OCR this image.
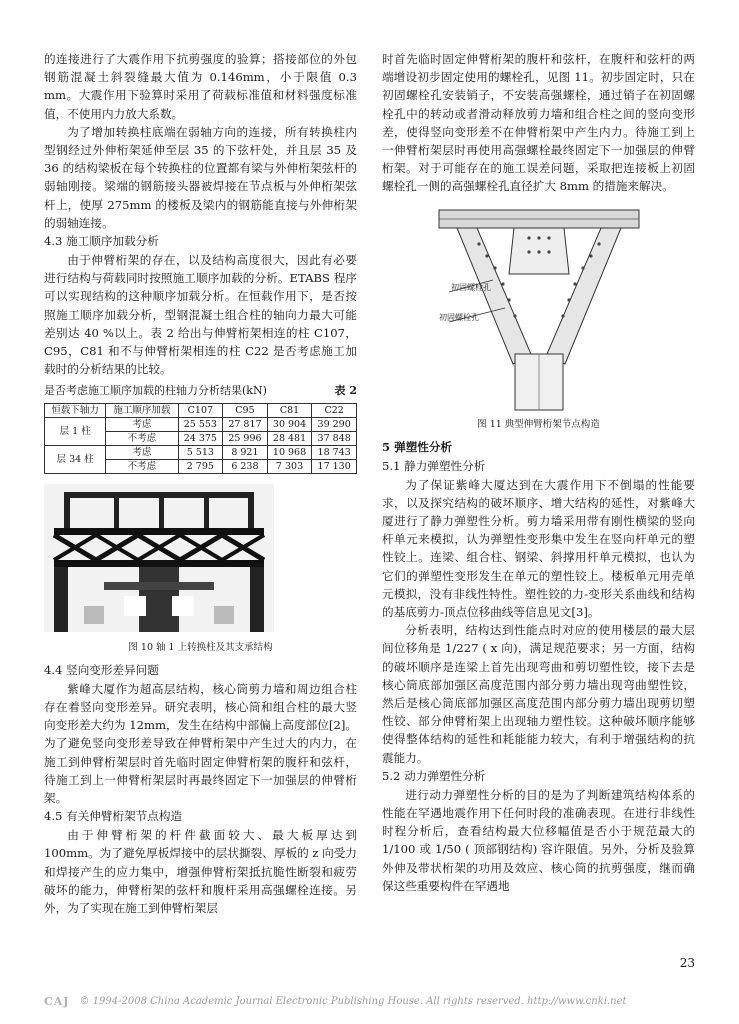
的连接进行了大震作用下抗剪强度的验算；搭接部位的外包钢筋混凝土斜裂缝最大值为 0.146mm，小于限值 0.3 mm。大震作用下验算时采用了荷载标准值和材料强度标准值，不使用内力放大系数。

为了增加转换柱底端在弱轴方向的连接，所有转换柱内型钢经过外伸桁架延伸至层 35 的下弦杆处，并且层 35 及 36 的结构梁板在每个转换柱的位置都有梁与外伸桁架弦杆的弱轴刚接。梁端的钢筋接头器被焊接在节点板与外伸桁架弦杆上，使厚 275mm 的楼板及梁内的钢筋能直接与外伸桁架的弱轴连接。

4.3 施工顺序加载分析

由于伸臂桁架的存在，以及结构高度很大，因此有必要进行结构与荷载同时按照施工顺序加载的分析。ETABS 程序可以实现结构的这种顺序加载分析。在恒载作用下，是否按照施工顺序加载分析，型钢混凝土组合柱的轴向力最大可能差别达 40 %以上。表 2 给出与伸臂桁架相连的柱 C107，C95，C81 和不与伸臂桁架相连的柱 C22 是否考虑施工加载时的分析结果的比较。

是否考虑施工顺序加载的柱轴力分析结果(kN)	表 2
恒载下轴力	施工顺序加载	C107	C95	C81	C22
层 1 柱	考虑	25 553	27 817	30 904	39 290
	不考虑	24 375	25 996	28 481	37 848
层 34 柱	考虑	5 513	8 921	10 968	18 743
	不考虑	2 795	6 238	7 303	17 130
图 10 轴 1 上转换柱及其支承结构
4.4 竖向变形差异问题

紫峰大厦作为超高层结构，核心筒剪力墙和周边组合柱存在着竖向变形差异。研究表明，核心筒和组合柱的最大竖向变形差大约为 12mm，发生在结构中部偏上高度部位[2]。为了避免竖向变形差导致在伸臂桁架中产生过大的内力，在施工到伸臂桁架层时首先临时固定伸臂桁架的腹杆和弦杆，待施工到上一伸臂桁架层时再最终固定下一加强层的伸臂桁架。

4.5 有关伸臂桁架节点构造

由于伸臂桁架的杆件截面较大、最大板厚达到 100mm。为了避免厚板焊接中的层状撕裂、厚板的 z 向受力和焊接产生的应力集中，增强伸臂桁架抵抗脆性断裂和疲劳破坏的能力，伸臂桁架的弦杆和腹杆采用高强螺栓连接。另外，为了实现在施工到伸臂桁架层

时首先临时固定伸臂桁架的腹杆和弦杆，在腹杆和弦杆的两端增设初步固定使用的螺栓孔，见图 11。初步固定时，只在初固螺栓孔安装销子，不安装高强螺栓，通过销子在初固螺栓孔中的转动或者滑动释放剪力墙和组合柱之间的竖向变形差，使得竖向变形差不在伸臂桁架中产生内力。待施工到上一伸臂桁架层时再使用高强螺栓最终固定下一加强层的伸臂桁架。对于可能存在的施工误差问题，采取把连接板上初固螺栓孔一侧的高强螺栓孔直径扩大 8mm 的措施来解决。

初固螺栓孔
初固螺栓孔
图 11 典型伸臂桁架节点构造
5 弹塑性分析
5.1 静力弹塑性分析

为了保证紫峰大厦达到在大震作用下不倒塌的性能要求，以及探究结构的破坏顺序、增大结构的延性，对紫峰大厦进行了静力弹塑性分析。剪力墙采用带有刚性横梁的竖向杆单元来模拟，认为弹塑性变形集中发生在竖向杆单元的塑性铰上。连梁、组合柱、钢梁、斜撑用杆单元模拟，也认为它们的弹塑性变形发生在单元的塑性铰上。楼板单元用壳单元模拟，没有非线性特性。塑性铰的力-变形关系曲线和结构的基底剪力-顶点位移曲线等信息见文[3]。

分析表明，结构达到性能点时对应的使用楼层的最大层间位移角是 1/227 ( x 向)，满足规范要求；另一方面，结构的破坏顺序是连梁上首先出现弯曲和剪切塑性铰，接下去是核心筒底部加强区高度范围内部分剪力墙出现弯曲塑性铰，然后是核心筒底部加强区高度范围内部分剪力墙出现剪切塑性铰、部分伸臂桁架上出现轴力塑性铰。这种破坏顺序能够使得整体结构的延性和耗能能力较大，有利于增强结构的抗震能力。

5.2 动力弹塑性分析

进行动力弹塑性分析的目的是为了判断建筑结构体系的性能在罕遇地震作用下任何时段的准确表现。在进行非线性时程分析后，查看结构最大位移幅值是否小于规范最大的 1/100 或 1/50 ( 顶部钢结构) 容许限值。另外，分析及验算外伸及带状桁架的功用及效应、核心筒的抗剪强度，继而确保这些重要构件在罕遇地

23
CAJ © 1994-2008 China Academic Journal Electronic Publishing House. All rights reserved. http://www.cnki.net
